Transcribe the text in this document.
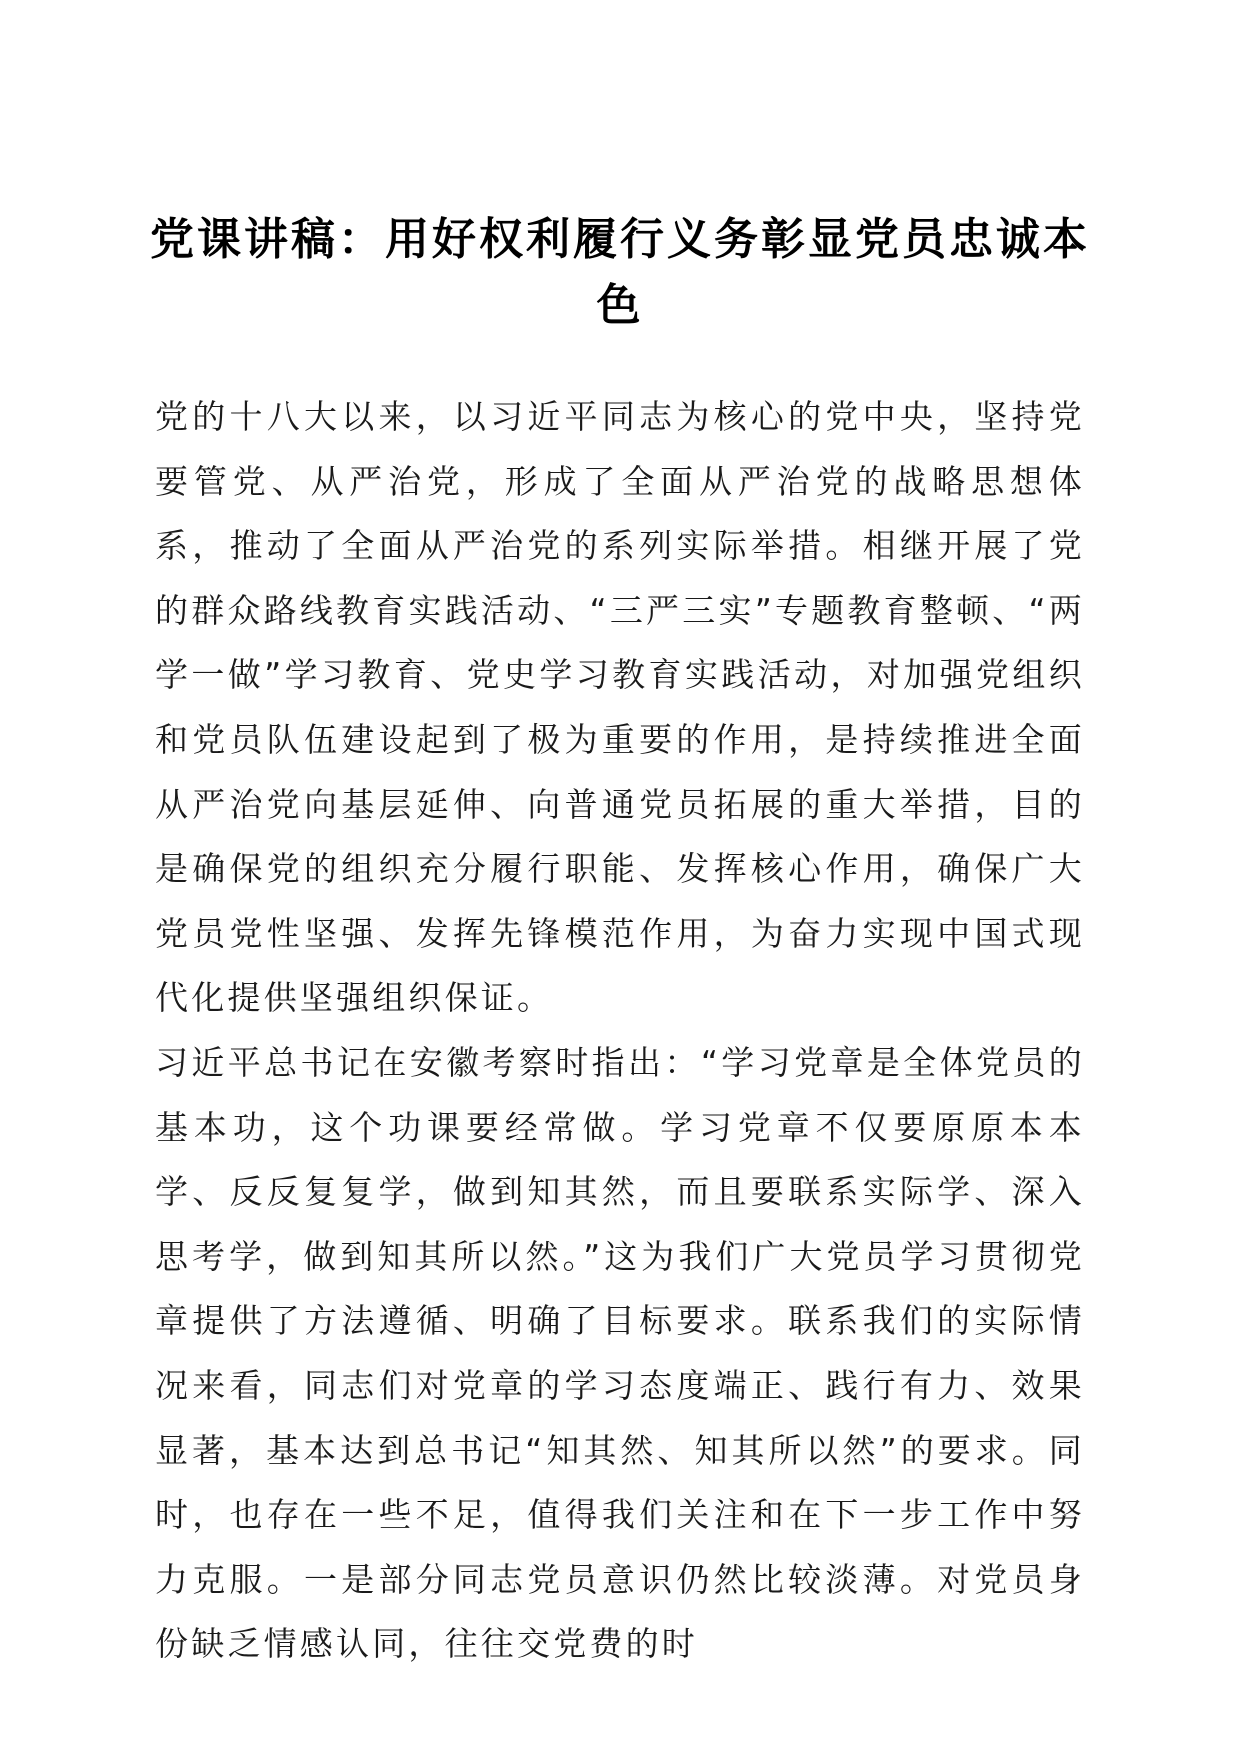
党课讲稿：用好权利履行义务彰显党员忠诚本色

党的十八大以来，以习近平同志为核心的党中央，坚持党要管党、从严治党，形成了全面从严治党的战略思想体系，推动了全面从严治党的系列实际举措。相继开展了党的群众路线教育实践活动、“三严三实”专题教育整顿、“两学一做”学习教育、党史学习教育实践活动，对加强党组织和党员队伍建设起到了极为重要的作用，是持续推进全面从严治党向基层延伸、向普通党员拓展的重大举措，目的是确保党的组织充分履行职能、发挥核心作用，确保广大党员党性坚强、发挥先锋模范作用，为奋力实现中国式现代化提供坚强组织保证。

习近平总书记在安徽考察时指出：“学习党章是全体党员的基本功，这个功课要经常做。学习党章不仅要原原本本学、反反复复学，做到知其然，而且要联系实际学、深入思考学，做到知其所以然。”这为我们广大党员学习贯彻党章提供了方法遵循、明确了目标要求。联系我们的实际情况来看，同志们对党章的学习态度端正、践行有力、效果显著，基本达到总书记“知其然、知其所以然”的要求。同时，也存在一些不足，值得我们关注和在下一步工作中努力克服。一是部分同志党员意识仍然比较淡薄。对党员身份缺乏情感认同，往往交党费的时
